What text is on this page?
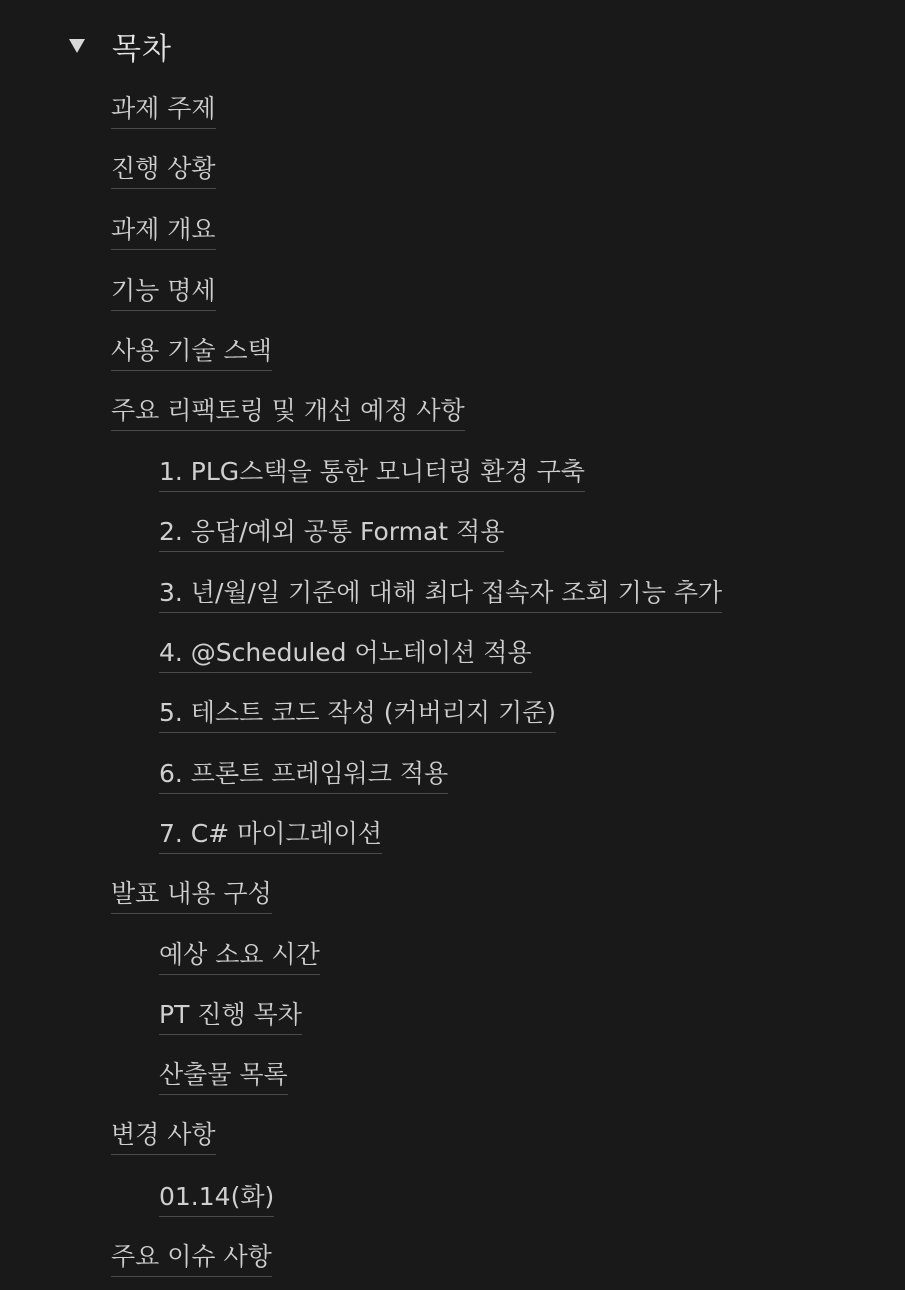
목차
과제 주제
진행 상황
과제 개요
기능 명세
사용 기술 스택
주요 리팩토링 및 개선 예정 사항
1. PLG스택을 통한 모니터링 환경 구축
2. 응답/예외 공통 Format 적용
3. 년/월/일 기준에 대해 최다 접속자 조회 기능 추가
4. @Scheduled 어노테이션 적용
5. 테스트 코드 작성 (커버리지 기준)
6. 프론트 프레임워크 적용
7. C# 마이그레이션
발표 내용 구성
예상 소요 시간
PT 진행 목차
산출물 목록
변경 사항
01.14(화)
주요 이슈 사항
